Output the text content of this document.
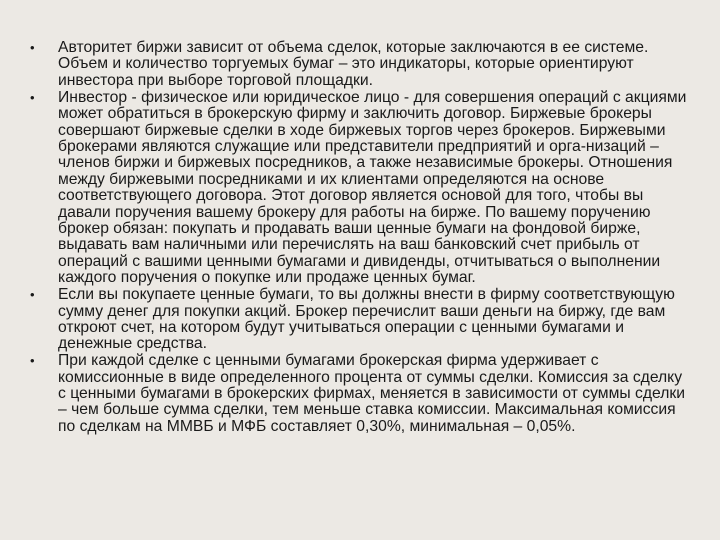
• Авторитет биржи зависит от объема сделок, которые заключаются в ее системе. Объем и количество торгуемых бумаг – это индикаторы, которые ориентируют инвестора при выборе торговой площадки.
• Инвестор - физическое или юридическое лицо - для совершения операций с акциями может обратиться в брокерскую фирму и заключить договор. Биржевые брокеры совершают биржевые сделки в ходе биржевых торгов через брокеров. Биржевыми брокерами являются служащие или представители предприятий и орга-низаций – членов биржи и биржевых посредников, а также независимые брокеры. Отношения между биржевыми посредниками и их клиентами определяются на основе соответствующего договора. Этот договор является основой для того, чтобы вы давали поручения вашему брокеру для работы на бирже. По вашему поручению брокер обязан: покупать и продавать ваши ценные бумаги на фондовой бирже, выдавать вам наличными или перечислять на ваш банковский счет прибыль от операций с вашими ценными бумагами и дивиденды, отчитываться о выполнении каждого поручения о покупке или продаже ценных бумаг.
• Если вы покупаете ценные бумаги, то вы должны внести в фирму соответствующую сумму денег для покупки акций. Брокер перечислит ваши деньги на биржу, где вам откроют счет, на котором будут учитываться операции с ценными бумагами и денежные средства.
• При каждой сделке с ценными бумагами брокерская фирма удерживает с комиссионные в виде определенного процента от суммы сделки. Комиссия за сделку с ценными бумагами в брокерских фирмах, меняется в зависимости от суммы сделки – чем больше сумма сделки, тем меньше ставка комиссии. Максимальная комиссия по сделкам на ММВБ и МФБ составляет 0,30%, минимальная – 0,05%.
